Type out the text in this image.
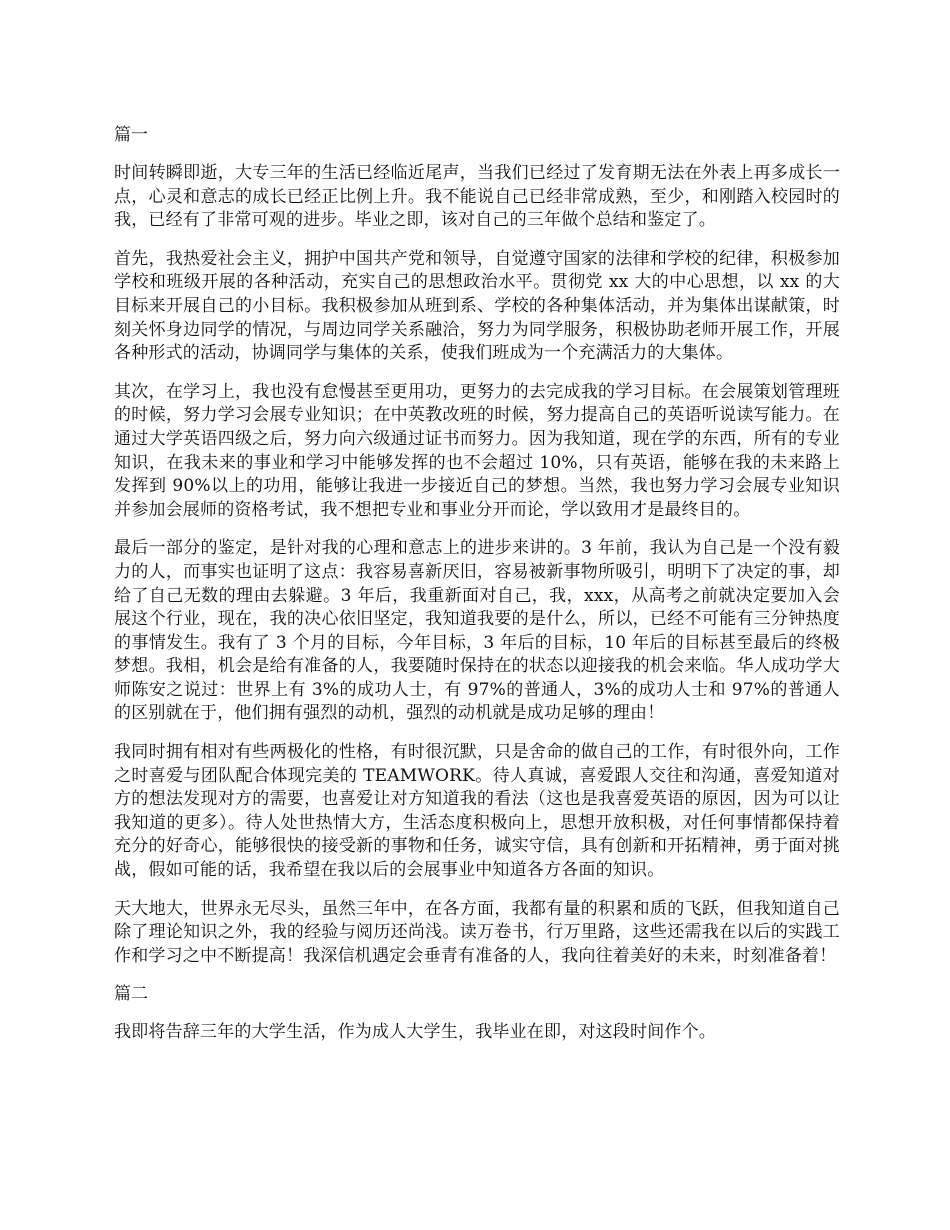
篇一

时间转瞬即逝，大专三年的生活已经临近尾声，当我们已经过了发育期无法在外表上再多成长一点，心灵和意志的成长已经正比例上升。我不能说自己已经非常成熟，至少，和刚踏入校园时的我，已经有了非常可观的进步。毕业之即，该对自己的三年做个总结和鉴定了。

首先，我热爱社会主义，拥护中国共产党和领导，自觉遵守国家的法律和学校的纪律，积极参加学校和班级开展的各种活动，充实自己的思想政治水平。贯彻党 xx 大的中心思想，以 xx 的大目标来开展自己的小目标。我积极参加从班到系、学校的各种集体活动，并为集体出谋献策，时刻关怀身边同学的情况，与周边同学关系融洽，努力为同学服务，积极协助老师开展工作，开展各种形式的活动，协调同学与集体的关系，使我们班成为一个充满活力的大集体。

其次，在学习上，我也没有怠慢甚至更用功，更努力的去完成我的学习目标。在会展策划管理班的时候，努力学习会展专业知识；在中英教改班的时候，努力提高自己的英语听说读写能力。在通过大学英语四级之后，努力向六级通过证书而努力。因为我知道，现在学的东西，所有的专业知识，在我未来的事业和学习中能够发挥的也不会超过 10%，只有英语，能够在我的未来路上发挥到 90%以上的功用，能够让我进一步接近自己的梦想。当然，我也努力学习会展专业知识并参加会展师的资格考试，我不想把专业和事业分开而论，学以致用才是最终目的。

最后一部分的鉴定，是针对我的心理和意志上的进步来讲的。3 年前，我认为自己是一个没有毅力的人，而事实也证明了这点：我容易喜新厌旧，容易被新事物所吸引，明明下了决定的事，却给了自己无数的理由去躲避。3 年后，我重新面对自己，我，xxx，从高考之前就决定要加入会展这个行业，现在，我的决心依旧坚定，我知道我要的是什么，所以，已经不可能有三分钟热度的事情发生。我有了 3 个月的目标，今年目标，3 年后的目标，10 年后的目标甚至最后的终极梦想。我相，机会是给有准备的人，我要随时保持在的状态以迎接我的机会来临。华人成功学大师陈安之说过：世界上有 3%的成功人士，有 97%的普通人，3%的成功人士和 97%的普通人的区别就在于，他们拥有强烈的动机，强烈的动机就是成功足够的理由！

我同时拥有相对有些两极化的性格，有时很沉默，只是舍命的做自己的工作，有时很外向，工作之时喜爱与团队配合体现完美的 TEAMWORK。待人真诚，喜爱跟人交往和沟通，喜爱知道对方的想法发现对方的需要，也喜爱让对方知道我的看法（这也是我喜爱英语的原因，因为可以让我知道的更多）。待人处世热情大方，生活态度积极向上，思想开放积极，对任何事情都保持着充分的好奇心，能够很快的接受新的事物和任务，诚实守信，具有创新和开拓精神，勇于面对挑战，假如可能的话，我希望在我以后的会展事业中知道各方各面的知识。

天大地大，世界永无尽头，虽然三年中，在各方面，我都有量的积累和质的飞跃，但我知道自己除了理论知识之外，我的经验与阅历还尚浅。读万卷书，行万里路，这些还需我在以后的实践工作和学习之中不断提高！我深信机遇定会垂青有准备的人，我向往着美好的未来，时刻准备着！

篇二

我即将告辞三年的大学生活，作为成人大学生，我毕业在即，对这段时间作个。
